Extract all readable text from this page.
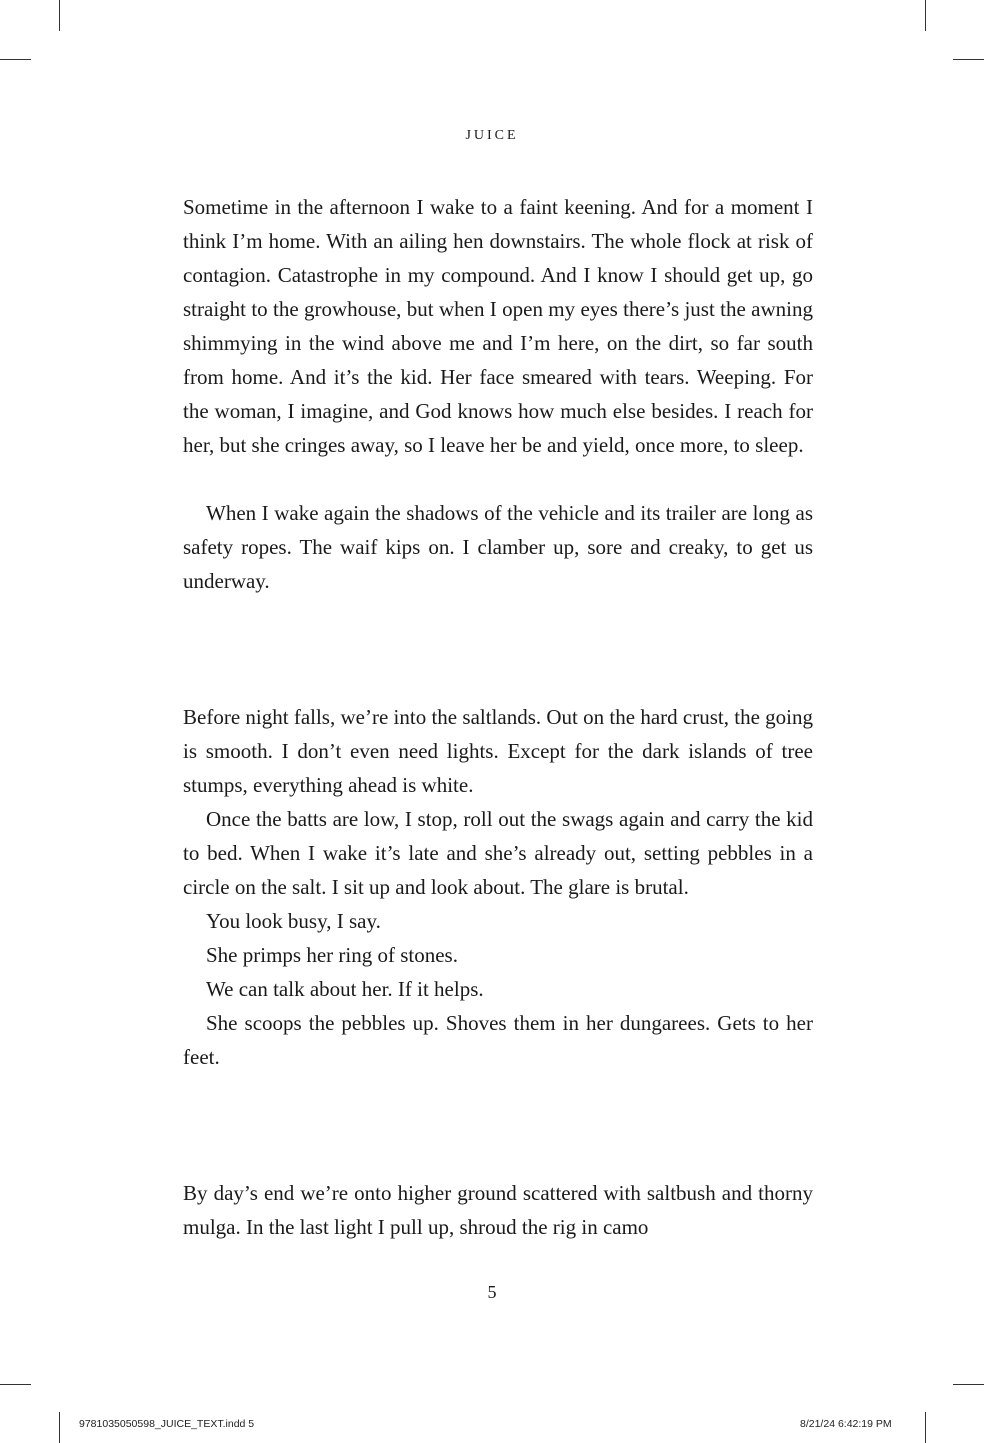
JUICE

Sometime in the afternoon I wake to a faint keening. And for a moment I think I’m home. With an ailing hen downstairs. The whole flock at risk of contagion. Catastrophe in my compound. And I know I should get up, go straight to the growhouse, but when I open my eyes there’s just the awning shimmying in the wind above me and I’m here, on the dirt, so far south from home. And it’s the kid. Her face smeared with tears. Weeping. For the woman, I imagine, and God knows how much else besides. I reach for her, but she cringes away, so I leave her be and yield, once more, to sleep.

When I wake again the shadows of the vehicle and its trailer are long as safety ropes. The waif kips on. I clamber up, sore and creaky, to get us underway.

Before night falls, we’re into the saltlands. Out on the hard crust, the going is smooth. I don’t even need lights. Except for the dark islands of tree stumps, everything ahead is white.

Once the batts are low, I stop, roll out the swags again and carry the kid to bed. When I wake it’s late and she’s already out, setting pebbles in a circle on the salt. I sit up and look about. The glare is brutal.

You look busy, I say.

She primps her ring of stones.

We can talk about her. If it helps.

She scoops the pebbles up. Shoves them in her dungarees. Gets to her feet.

By day’s end we’re onto higher ground scattered with saltbush and thorny mulga. In the last light I pull up, shroud the rig in camo

5
9781035050598_JUICE_TEXT.indd 5	8/21/24 6:42:19 PM
